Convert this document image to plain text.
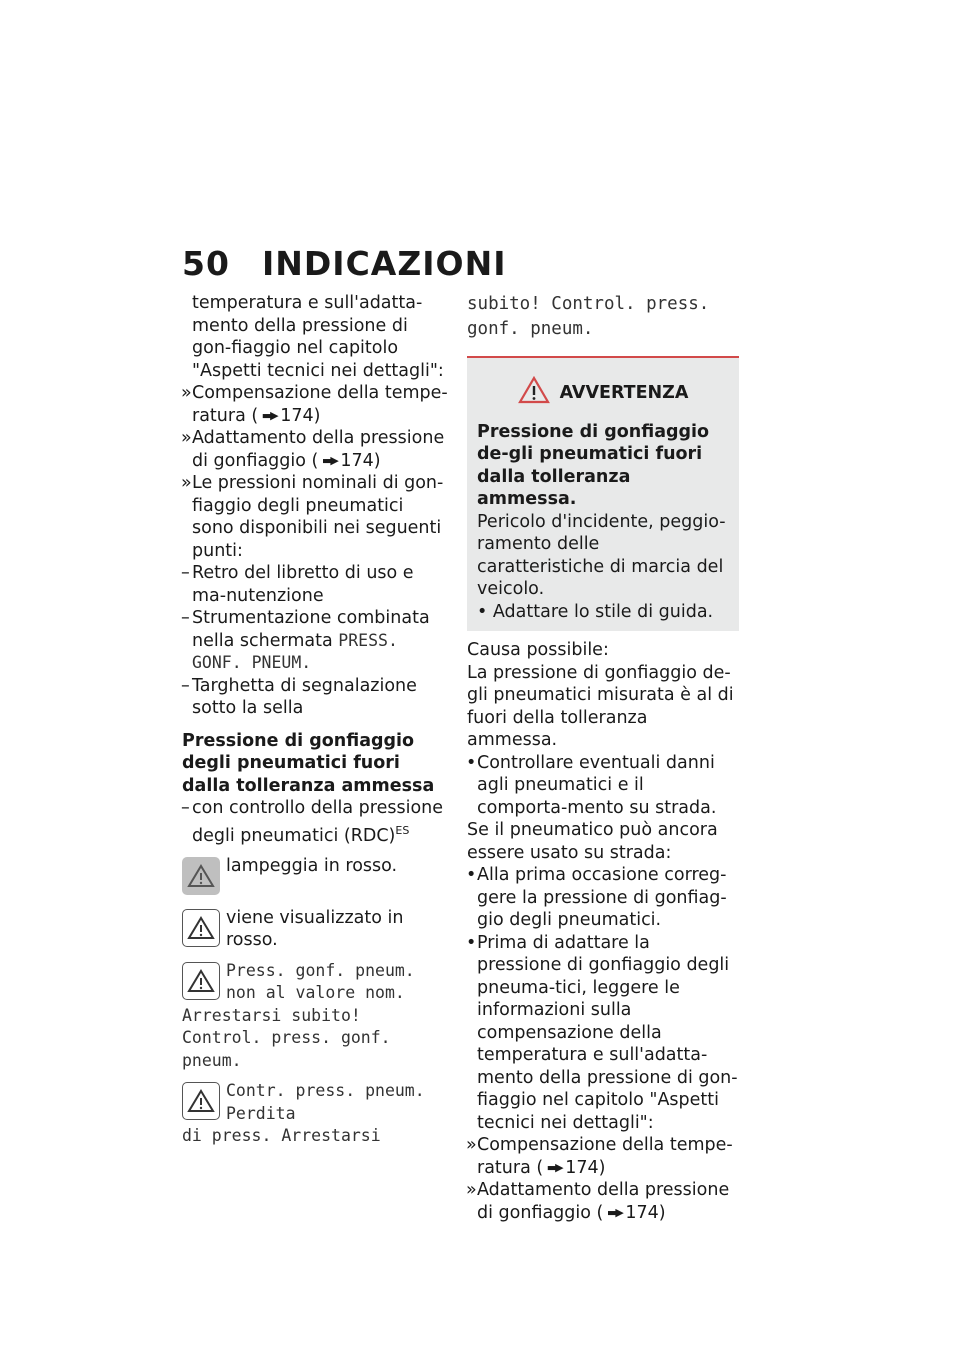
50 INDICAZIONI
temperatura e sull'adatta-mento della pressione di gon-fiaggio nel capitolo "Aspetti tecnici nei dettagli":
» Compensazione della tempe-ratura ( ▬▶ 174)
» Adattamento della pressione di gonfiaggio ( ▬▶ 174)
» Le pressioni nominali di gon-fiaggio degli pneumatici sono disponibili nei seguenti punti:
– Retro del libretto di uso e ma-nutenzione
– Strumentazione combinata nella schermata PRESS. GONF. PNEUM.
– Targhetta di segnalazione sotto la sella
Pressione di gonfiaggio degli pneumatici fuori dalla tolleranza ammessa
– con controllo della pressione degli pneumatici (RDC)$^{ES}$
lampeggia in rosso.
viene visualizzato in rosso.
Press. gonf. pneum. non al valore nom.
Arrestarsi subito! Control. press. gonf. pneum.
Contr. press. pneum. Perdita
di press. Arrestarsi
subito! Control. press. gonf. pneum.
AVVERTENZA
Pressione di gonfiaggio de-gli pneumatici fuori dalla tolleranza ammessa.
Pericolo d'incidente, peggio-ramento delle caratteristiche di marcia del veicolo.
• Adattare lo stile di guida.
Causa possibile:
La pressione di gonfiaggio de-gli pneumatici misurata è al di fuori della tolleranza ammessa.
• Controllare eventuali danni agli pneumatici e il comporta-mento su strada.
Se il pneumatico può ancora essere usato su strada:
• Alla prima occasione correg-gere la pressione di gonfiag-gio degli pneumatici.
• Prima di adattare la pressione di gonfiaggio degli pneuma-tici, leggere le informazioni sulla compensazione della temperatura e sull'adatta-mento della pressione di gon-fiaggio nel capitolo "Aspetti tecnici nei dettagli":
» Compensazione della tempe-ratura ( ▬▶ 174)
» Adattamento della pressione di gonfiaggio ( ▬▶ 174)
